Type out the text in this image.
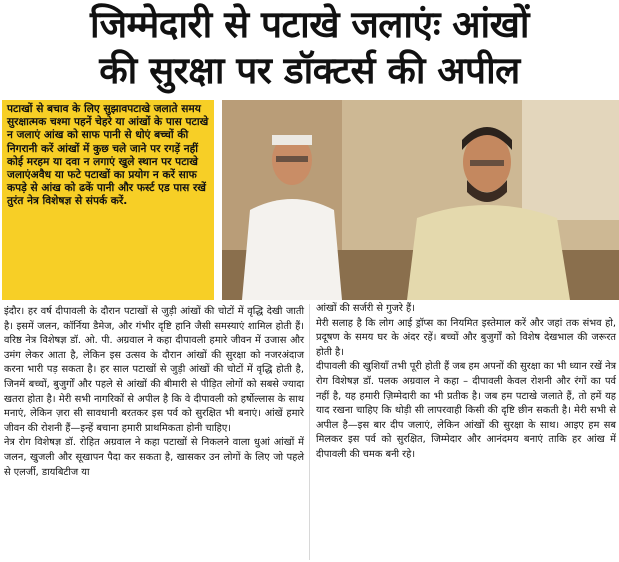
जिम्मेदारी से पटाखे जलाएंः आंखों
की सुरक्षा पर डॉक्टर्स की अपील

पटाखों से बचाव के लिए सुझावपटाखे जलाते समय सुरक्षात्मक चश्मा पहनें चेहरे या आंखों के पास पटाखे न जलाएं आंख को साफ पानी से धोएं बच्चों की निगरानी करें आंखों में कुछ चले जाने पर रगड़ें नहीं कोई मरहम या दवा न लगाएं खुले स्थान पर पटाखे जलाएंअवैध या फटे पटाखों का प्रयोग न करें साफ कपड़े से आंख को ढकें पानी और फर्स्ट एड पास रखें तुरंत नेत्र विशेषज्ञ से संपर्क करें.

इंदौर। हर वर्ष दीपावली के दौरान पटाखों से जुड़ी आंखों की चोटों में वृद्धि देखी जाती है। इसमें जलन, कॉर्निया डैमेज, और गंभीर दृष्टि हानि जैसी समस्याएं शामिल होती हैं। वरिष्ठ नेत्र विशेषज्ञ डॉ. ओ. पी. अग्रवाल ने कहा दीपावली हमारे जीवन में उजास और उमंग लेकर आता है, लेकिन इस उत्सव के दौरान आंखों की सुरक्षा को नजरअंदाज करना भारी पड़ सकता है। हर साल पटाखों से जुड़ी आंखों की चोटों में वृद्धि होती है, जिनमें बच्चों, बुजुर्गों और पहले से आंखों की बीमारी से पीड़ित लोगों को सबसे ज्यादा खतरा होता है। मेरी सभी नागरिकों से अपील है कि वे दीपावली को हर्षोल्लास के साथ मनाएं, लेकिन ज़रा सी सावधानी बरतकर इस पर्व को सुरक्षित भी बनाएं। आंखें हमारे जीवन की रोशनी हैं—इन्हें बचाना हमारी प्राथमिकता होनी चाहिए।

नेत्र रोग विशेषज्ञ डॉ. रोहित अग्रवाल ने कहा पटाखों से निकलने वाला धुआं आंखों में जलन, खुजली और सूखापन पैदा कर सकता है, खासकर उन लोगों के लिए जो पहले से एलर्जी, डायबिटीज या

आंखों की सर्जरी से गुजरे हैं।

मेरी सलाह है कि लोग आई ड्रॉप्स का नियमित इस्तेमाल करें और जहां तक संभव हो, प्रदूषण के समय घर के अंदर रहें। बच्चों और बुजुर्गों को विशेष देखभाल की जरूरत होती है।

दीपावली की खुशियाँ तभी पूरी होती हैं जब हम अपनों की सुरक्षा का भी ध्यान रखें नेत्र रोग विशेषज्ञ डॉ. पलक अग्रवाल ने कहा – दीपावली केवल रोशनी और रंगों का पर्व नहीं है, यह हमारी ज़िम्मेदारी का भी प्रतीक है। जब हम पटाखे जलाते हैं, तो हमें यह याद रखना चाहिए कि थोड़ी सी लापरवाही किसी की दृष्टि छीन सकती है। मेरी सभी से अपील है—इस बार दीप जलाएं, लेकिन आंखों की सुरक्षा के साथ। आइए हम सब मिलकर इस पर्व को सुरक्षित, जिम्मेदार और आनंदमय बनाएं ताकि हर आंख में दीपावली की चमक बनी रहे।
